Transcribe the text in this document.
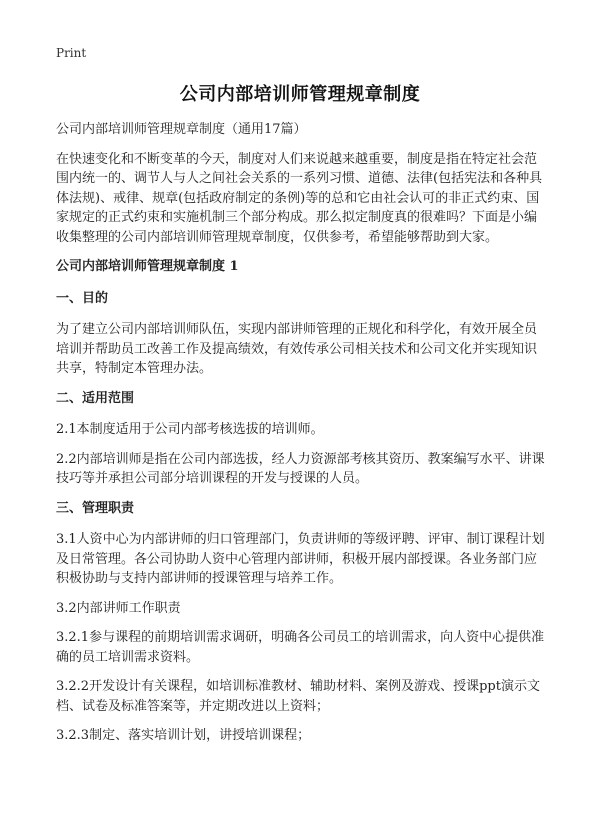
Print
公司内部培训师管理规章制度

公司内部培训师管理规章制度（通用17篇）

在快速变化和不断变革的今天，制度对人们来说越来越重要，制度是指在特定社会范围内统一的、调节人与人之间社会关系的一系列习惯、道德、法律(包括宪法和各种具体法规)、戒律、规章(包括政府制定的条例)等的总和它由社会认可的非正式约束、国家规定的正式约束和实施机制三个部分构成。那么拟定制度真的很难吗？下面是小编收集整理的公司内部培训师管理规章制度，仅供参考，希望能够帮助到大家。

公司内部培训师管理规章制度 1

一、目的

为了建立公司内部培训师队伍，实现内部讲师管理的正规化和科学化，有效开展全员培训并帮助员工改善工作及提高绩效，有效传承公司相关技术和公司文化并实现知识共享，特制定本管理办法。

二、适用范围

2.1本制度适用于公司内部考核选拔的培训师。

2.2内部培训师是指在公司内部选拔，经人力资源部考核其资历、教案编写水平、讲课技巧等并承担公司部分培训课程的开发与授课的人员。

三、管理职责

3.1人资中心为内部讲师的归口管理部门，负责讲师的等级评聘、评审、制订课程计划及日常管理。各公司协助人资中心管理内部讲师，积极开展内部授课。各业务部门应积极协助与支持内部讲师的授课管理与培养工作。

3.2内部讲师工作职责

3.2.1参与课程的前期培训需求调研，明确各公司员工的培训需求，向人资中心提供准确的员工培训需求资料。

3.2.2开发设计有关课程，如培训标准教材、辅助材料、案例及游戏、授课ppt演示文档、试卷及标准答案等，并定期改进以上资料；

3.2.3制定、落实培训计划，讲授培训课程；
